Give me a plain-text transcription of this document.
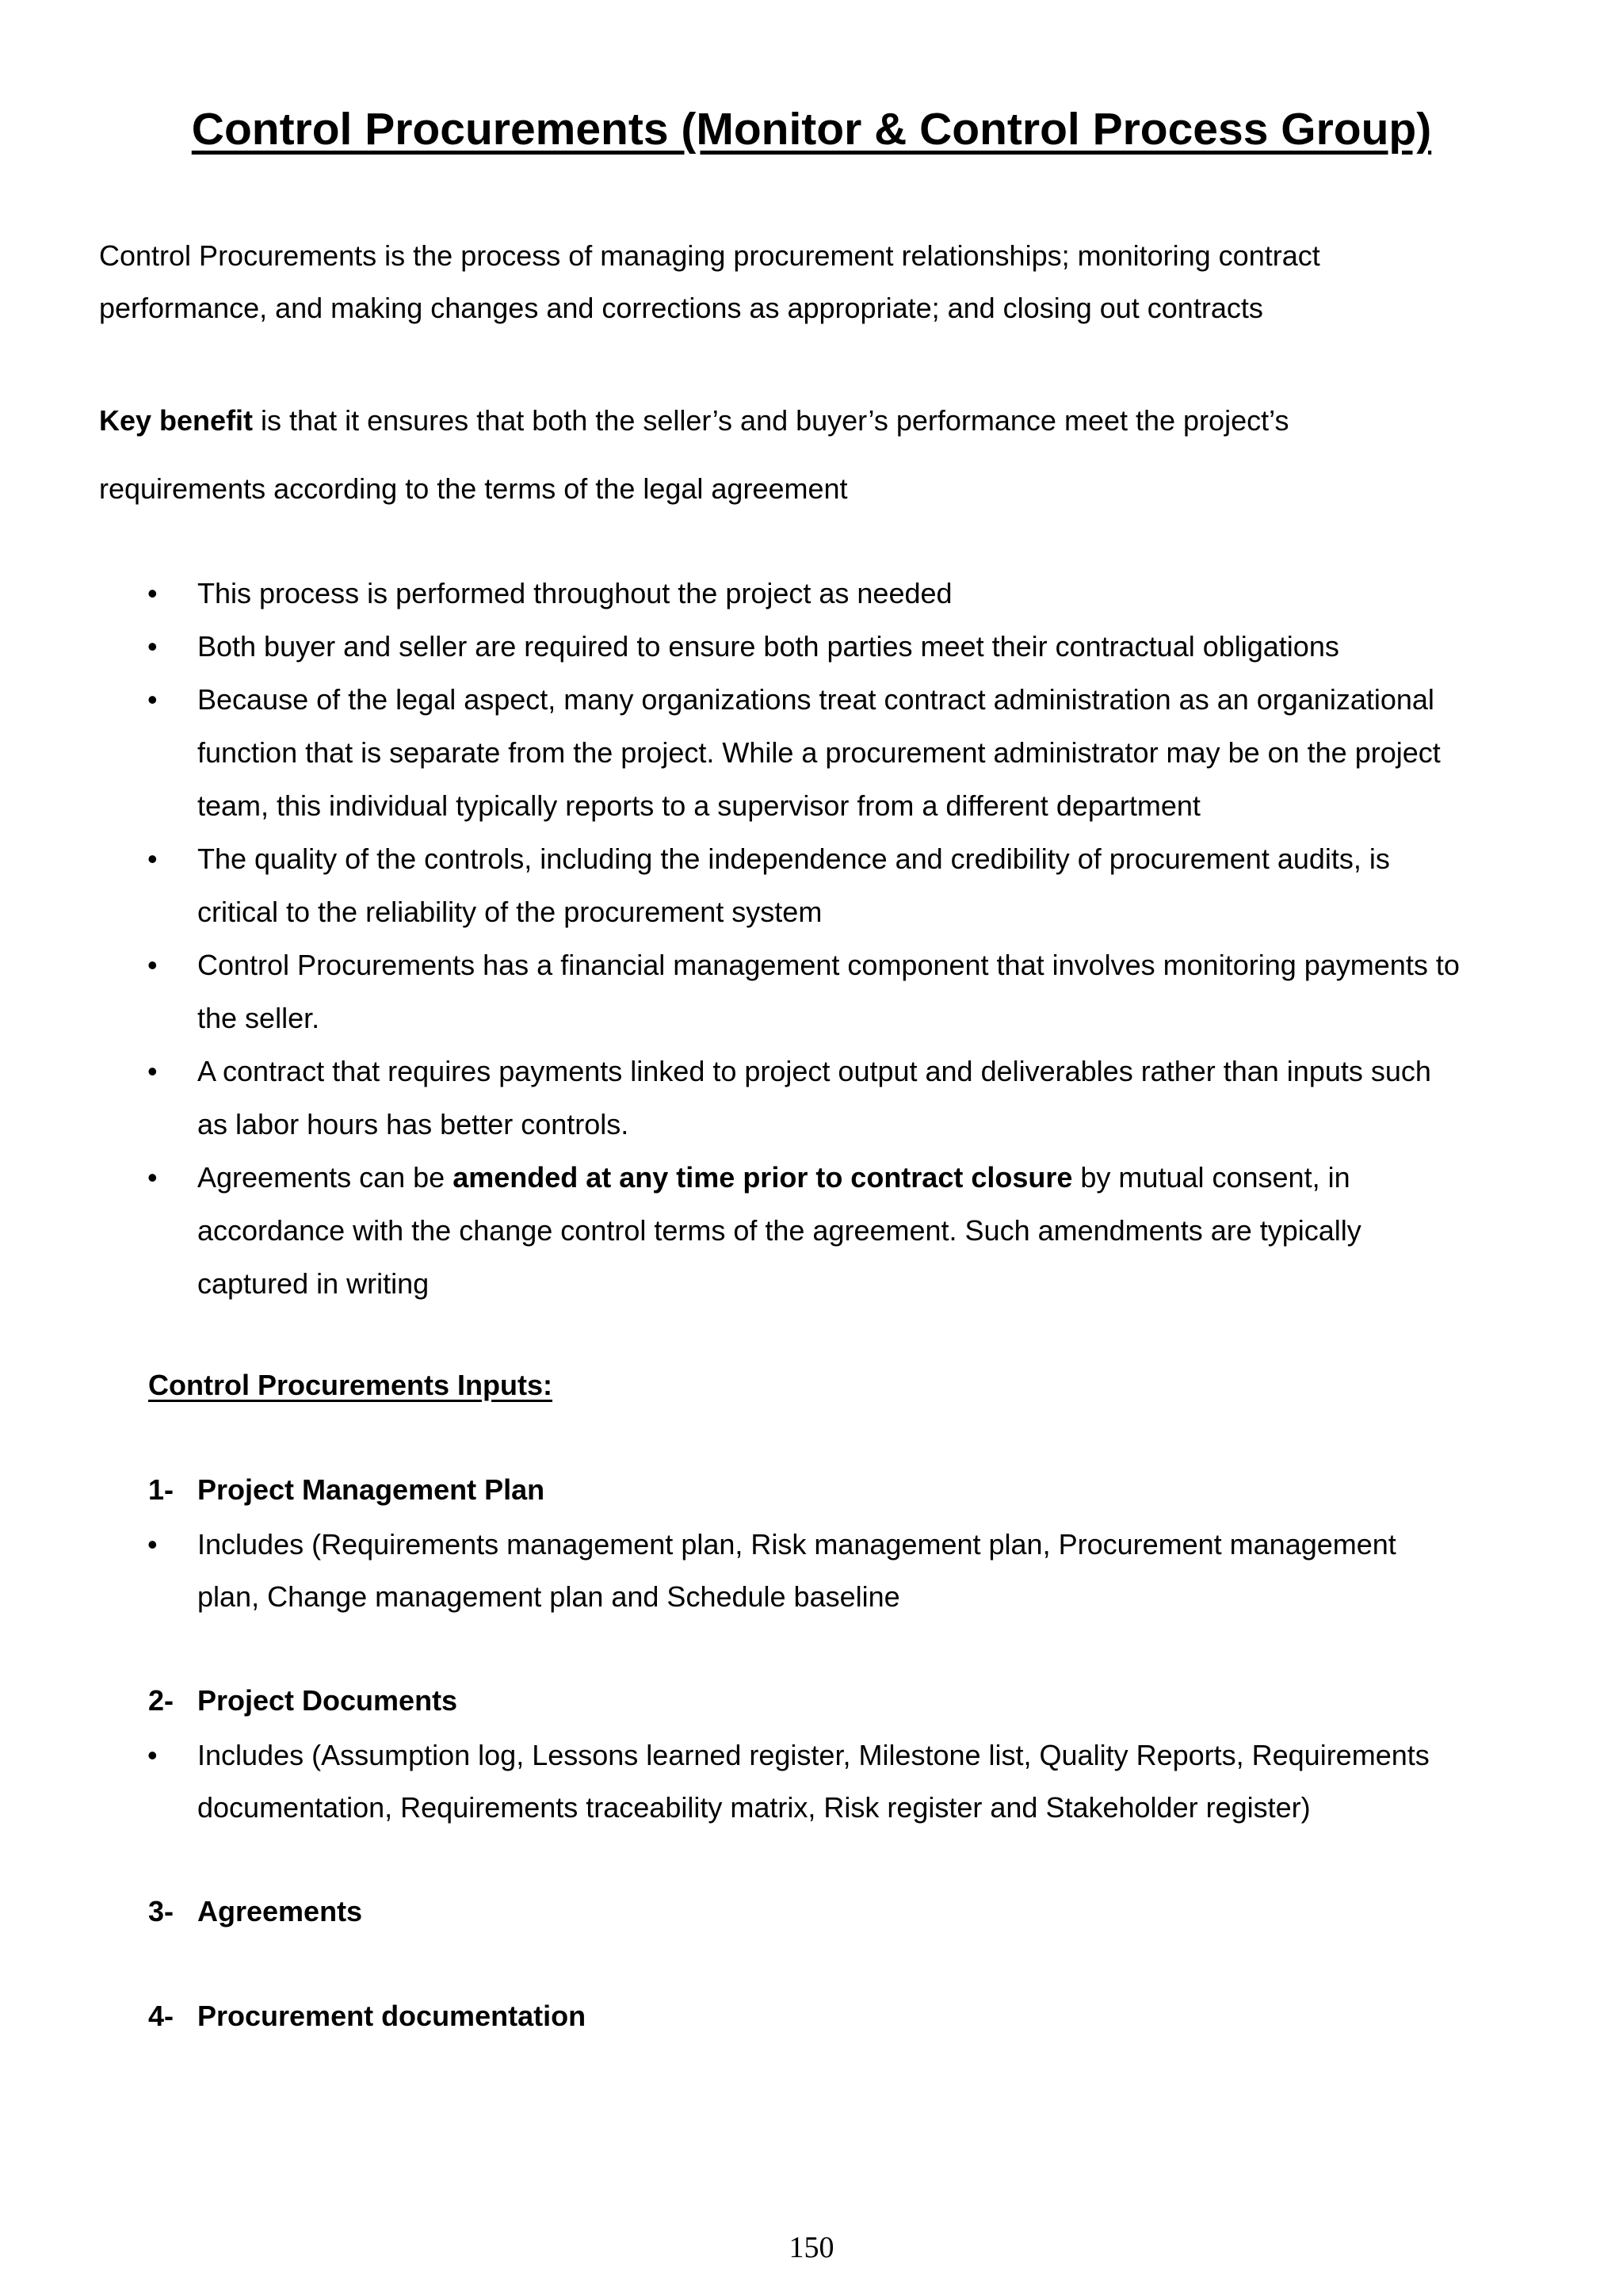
Control Procurements (Monitor & Control Process Group)

Control Procurements is the process of managing procurement relationships; monitoring contract
performance, and making changes and corrections as appropriate; and closing out contracts

Key benefit is that it ensures that both the seller’s and buyer’s performance meet the project’s

requirements according to the terms of the legal agreement

• This process is performed throughout the project as needed
• Both buyer and seller are required to ensure both parties meet their contractual obligations
• Because of the legal aspect, many organizations treat contract administration as an organizational
function that is separate from the project. While a procurement administrator may be on the project
team, this individual typically reports to a supervisor from a different department
• The quality of the controls, including the independence and credibility of procurement audits, is
critical to the reliability of the procurement system
• Control Procurements has a financial management component that involves monitoring payments to
the seller.
• A contract that requires payments linked to project output and deliverables rather than inputs such
as labor hours has better controls.
• Agreements can be amended at any time prior to contract closure by mutual consent, in
accordance with the change control terms of the agreement. Such amendments are typically
captured in writing
Control Procurements Inputs:

1- Project Management Plan

• Includes (Requirements management plan, Risk management plan, Procurement management
plan, Change management plan and Schedule baseline

2- Project Documents

• Includes (Assumption log, Lessons learned register, Milestone list, Quality Reports, Requirements
documentation, Requirements traceability matrix, Risk register and Stakeholder register)

3- Agreements

4- Procurement documentation

150
